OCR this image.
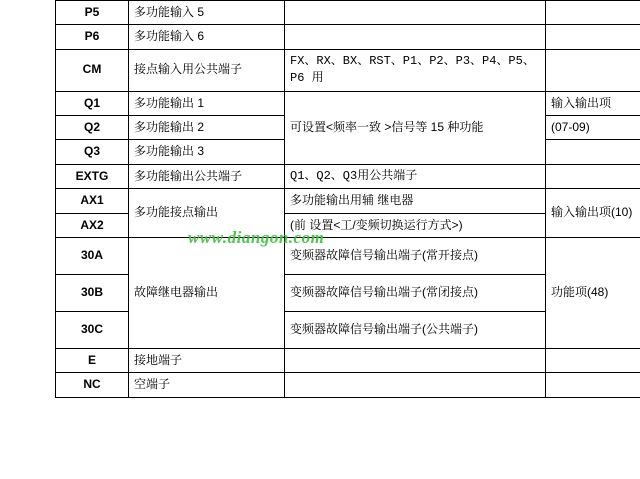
P5	多功能输入 5		
P6	多功能输入 6		
CM	接点输入用公共端子	FX、RX、BX、RST、P1、P2、P3、P4、P5、P6 用	
Q1	多功能输出 1	可设置<频率一致 >信号等 15 种功能	输入输出项
Q2	多功能输出 2		(07-09)
Q3	多功能输出 3		
EXTG	多功能输出公共端子	Q1、Q2、Q3用公共端子	
AX1	多功能接点输出	多功能输出用辅 继电器	输入输出项(10)
AX2		(前 设置<工/变频切换运行方式>)	
30A	故障继电器输出	变频器故障信号输出端子(常开接点)	功能项(48)
30B		变频器故障信号输出端子(常闭接点)	
30C		变频器故障信号输出端子(公共端子)	
E	接地端子		
NC	空端子		
www.diangon.com
